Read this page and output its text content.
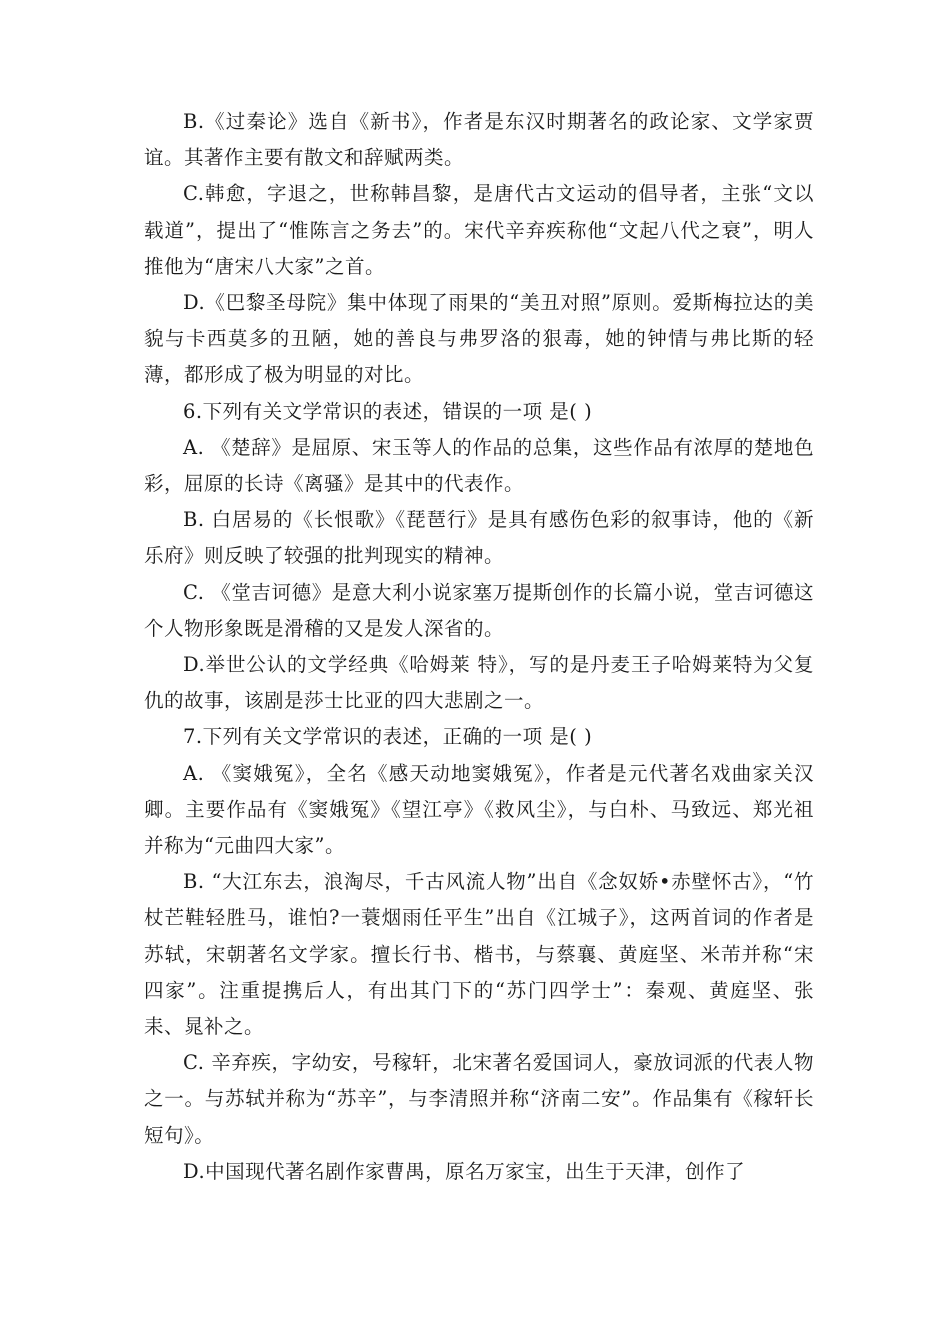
B.《过秦论》选自《新书》，作者是东汉时期著名的政论家、文学家贾谊。其著作主要有散文和辞赋两类。

C.韩愈，字退之，世称韩昌黎，是唐代古文运动的倡导者，主张“文以载道”，提出了“惟陈言之务去”的。宋代辛弃疾称他“文起八代之衰”，明人推他为“唐宋八大家”之首。

D.《巴黎圣母院》集中体现了雨果的“美丑对照”原则。爱斯梅拉达的美貌与卡西莫多的丑陋，她的善良与弗罗洛的狠毒，她的钟情与弗比斯的轻薄，都形成了极为明显的对比。

6.下列有关文学常识的表述，错误的一项 是( )

A. 《楚辞》是屈原、宋玉等人的作品的总集，这些作品有浓厚的楚地色彩，屈原的长诗《离骚》是其中的代表作。

B. 白居易的《长恨歌》《琵琶行》是具有感伤色彩的叙事诗，他的《新乐府》则反映了较强的批判现实的精神。

C. 《堂吉诃德》是意大利小说家塞万提斯创作的长篇小说，堂吉诃德这个人物形象既是滑稽的又是发人深省的。

D.举世公认的文学经典《哈姆莱 特》，写的是丹麦王子哈姆莱特为父复仇的故事，该剧是莎士比亚的四大悲剧之一。

7.下列有关文学常识的表述，正确的一项 是( )

A. 《窦娥冤》，全名《感天动地窦娥冤》，作者是元代著名戏曲家关汉卿。主要作品有《窦娥冤》《望江亭》《救风尘》，与白朴、马致远、郑光祖并称为“元曲四大家”。

B. “大江东去，浪淘尽，千古风流人物”出自《念奴娇•赤壁怀古》，“竹杖芒鞋轻胜马，谁怕?一蓑烟雨任平生”出自《江城子》，这两首词的作者是苏轼，宋朝著名文学家。擅长行书、楷书，与蔡襄、黄庭坚、米芾并称“宋四家”。注重提携后人，有出其门下的“苏门四学士”：秦观、黄庭坚、张耒、晁补之。

C. 辛弃疾，字幼安，号稼轩，北宋著名爱国词人，豪放词派的代表人物之一。与苏轼并称为“苏辛”，与李清照并称“济南二安”。作品集有《稼轩长短句》。

D.中国现代著名剧作家曹禺，原名万家宝，出生于天津，创作了
